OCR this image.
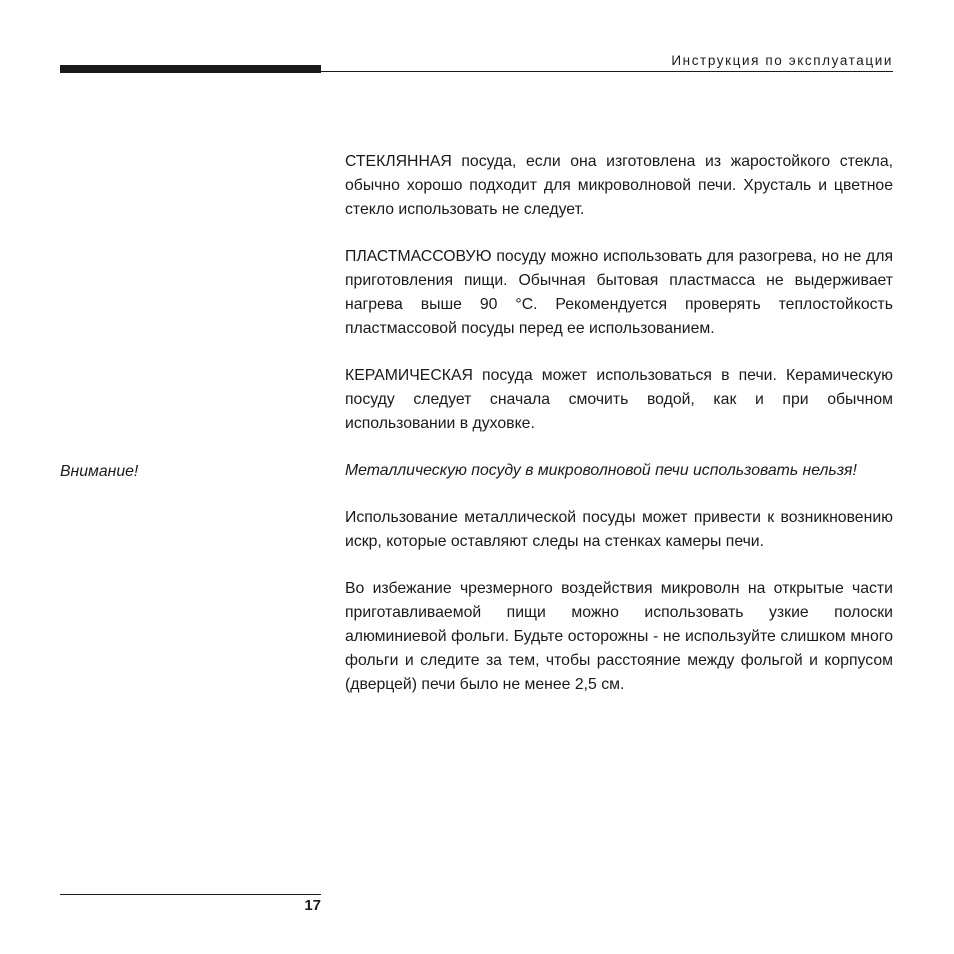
Инструкция по эксплуатации

СТЕКЛЯННАЯ посуда, если она изготовлена из жаростойкого стекла, обычно хорошо подходит для микроволновой печи. Хрусталь и цветное стекло использовать не следует.

ПЛАСТМАССОВУЮ посуду можно использовать для разогрева, но не для приготовления пищи. Обычная бытовая пластмасса не выдерживает нагрева выше 90 °С. Рекомендуется проверять теплостойкость пластмассовой посуды перед ее использованием.

КЕРАМИЧЕСКАЯ посуда может использоваться в печи. Керамическую посуду следует сначала смочить водой, как и при обычном использовании в духовке.

Металлическую посуду в микроволновой печи использовать нельзя!

Использование металлической посуды может привести к возникновению искр, которые оставляют следы на стенках камеры печи.

Во избежание чрезмерного воздействия микроволн на открытые части приготавливаемой пищи можно использовать узкие полоски алюминиевой фольги. Будьте осторожны - не используйте слишком много фольги и следите за тем, чтобы расстояние между фольгой и корпусом (дверцей) печи было не менее 2,5 см.

Внимание!

17
